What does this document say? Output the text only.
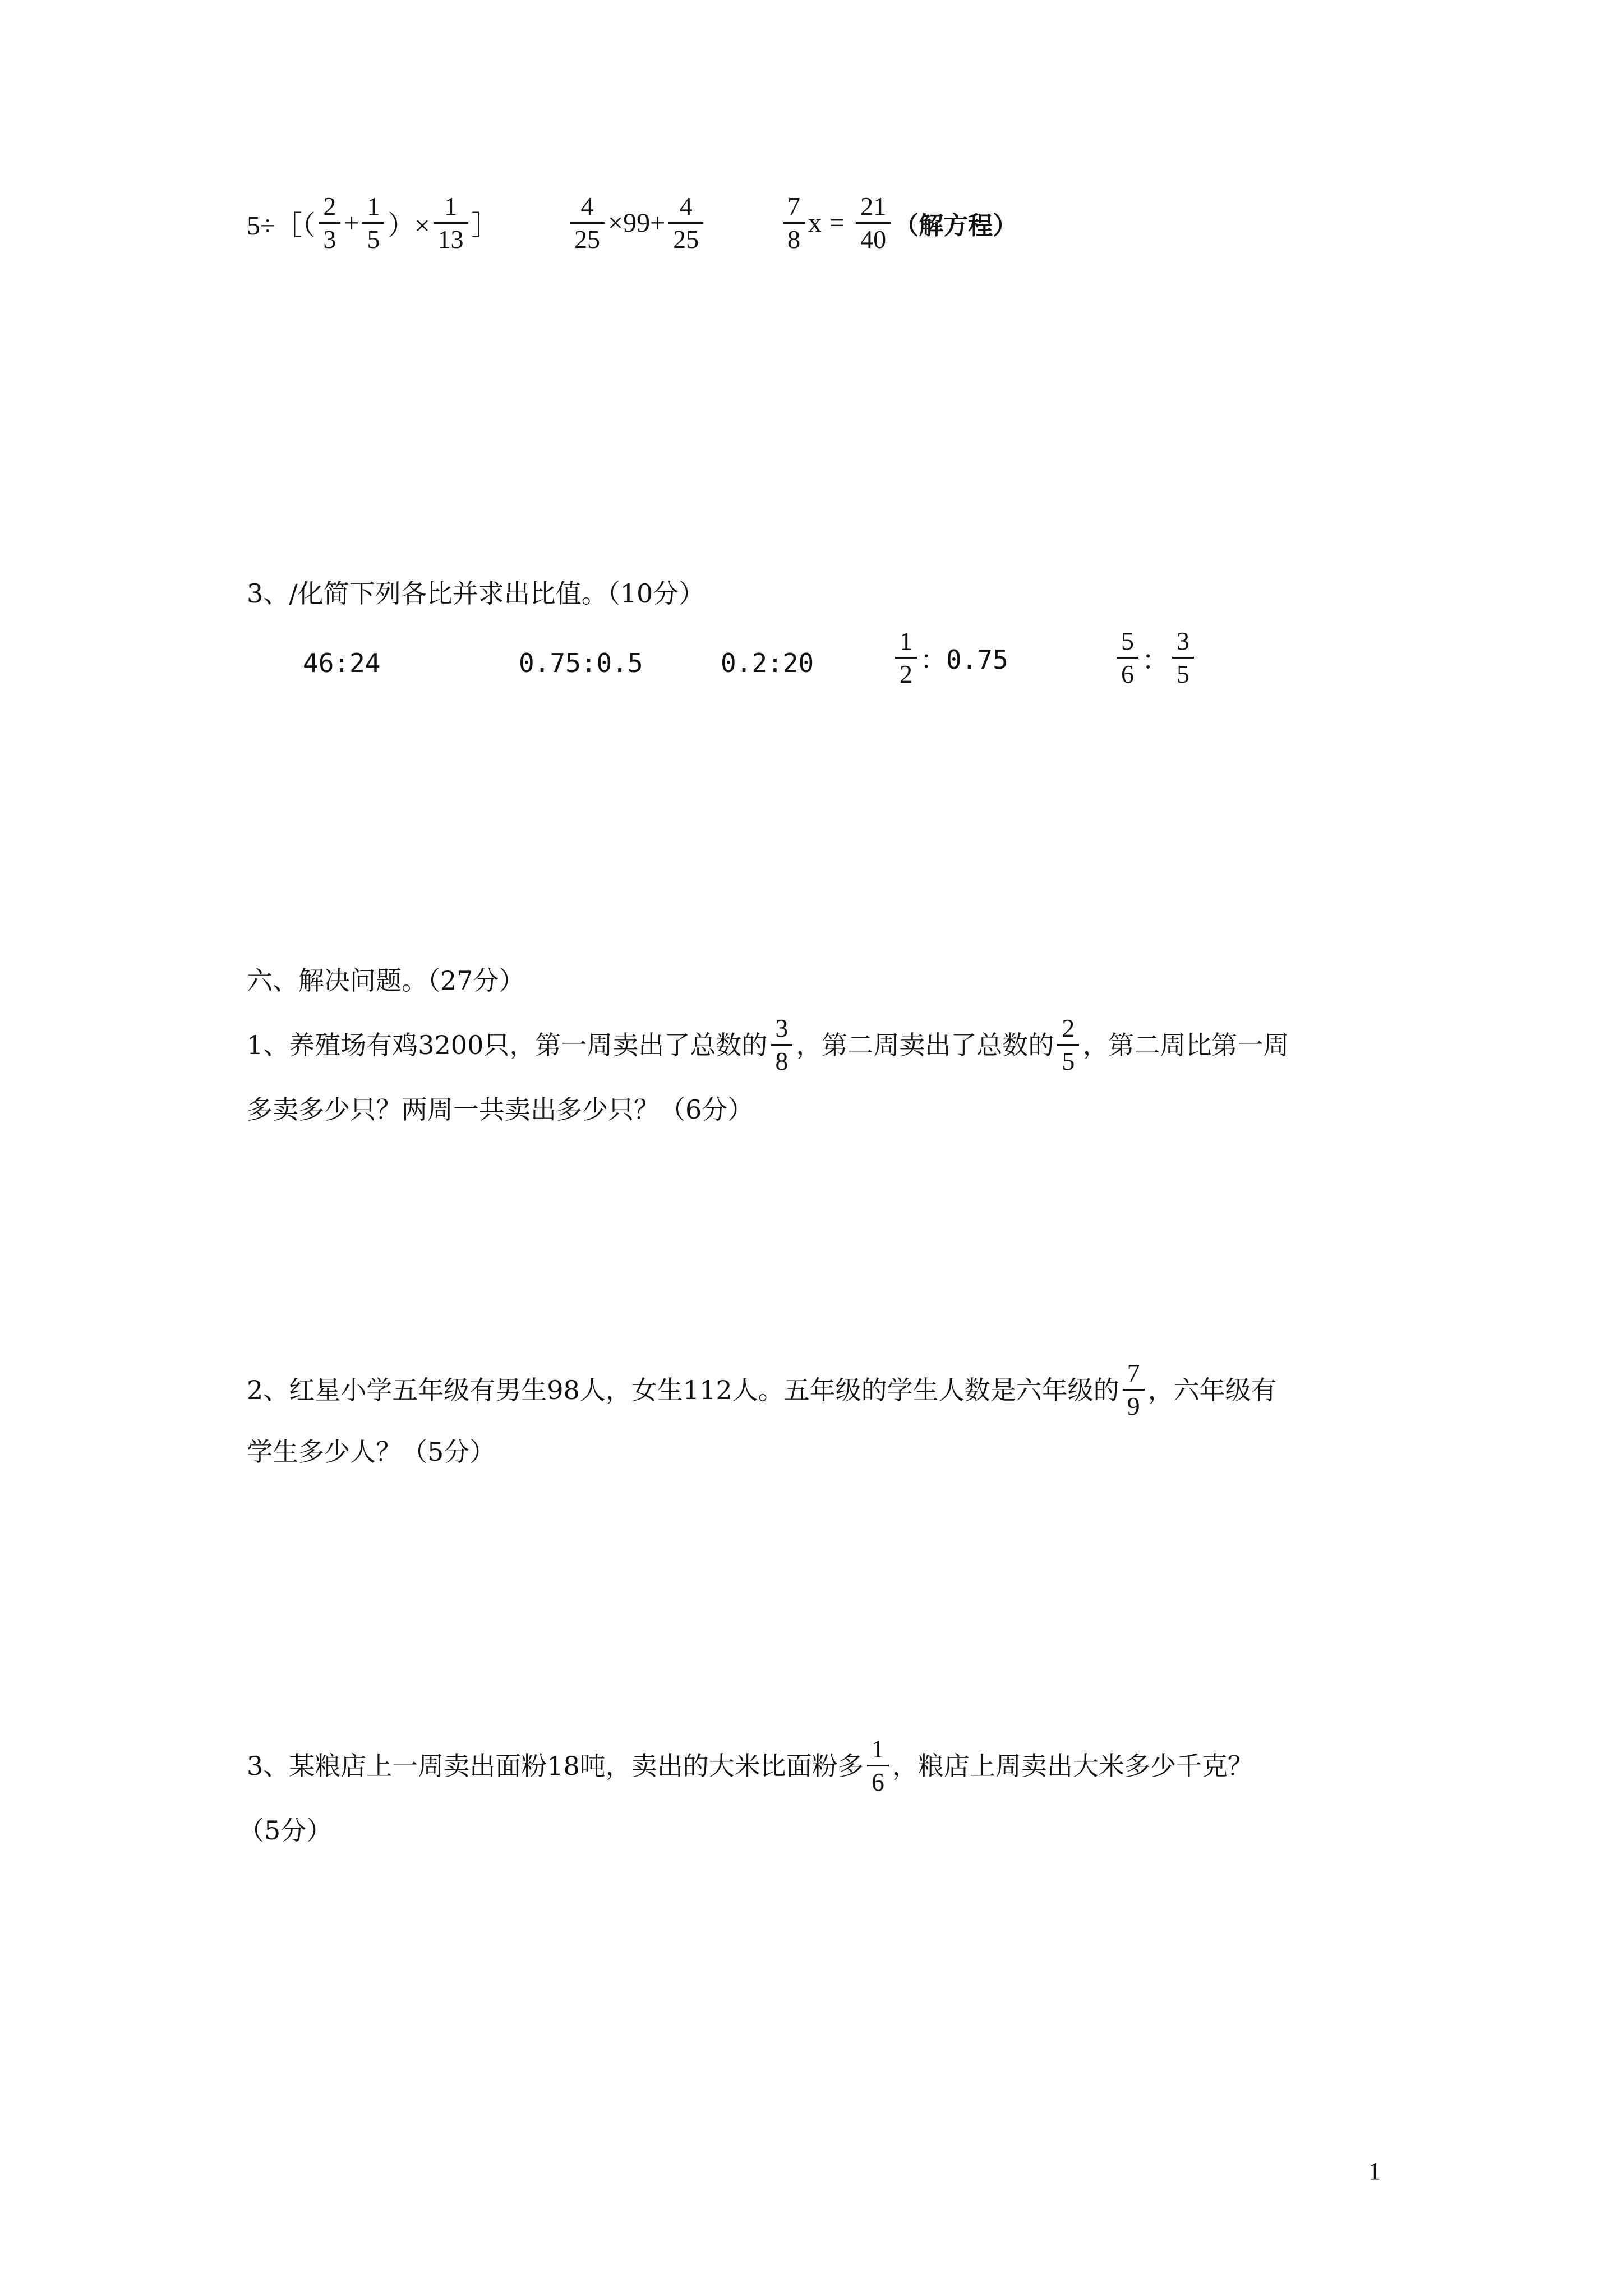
5÷［（ $\frac{2}{3} + \frac{1}{5}$ ）× $\frac{1}{13}$ ］	$\frac{4}{25} \times 99+ \frac{4}{25}$	$\frac{7}{8}$ $x = \frac{21}{40}$ （解方程）
3、/化简下列各比并求出比值。（10分）
46:24	0.75:0.5	0.2:20	$\frac{1}{2}$ ：0.75	$\frac{5}{6}$ ： $\frac{3}{5}$
六、解决问题。（27分）
1、养殖场有鸡3200只，第一周卖出了总数的 $\frac{3}{8}$ ，第二周卖出了总数的 $\frac{2}{5}$ ，第二周比第一周
多卖多少只？两周一共卖出多少只？（6分）
2、红星小学五年级有男生98人，女生112人。五年级的学生人数是六年级的 $\frac{7}{9}$ ，六年级有
学生多少人？（5分）
3、某粮店上一周卖出面粉18吨，卖出的大米比面粉多 $\frac{1}{6}$ ，粮店上周卖出大米多少千克？
（5分）
1
